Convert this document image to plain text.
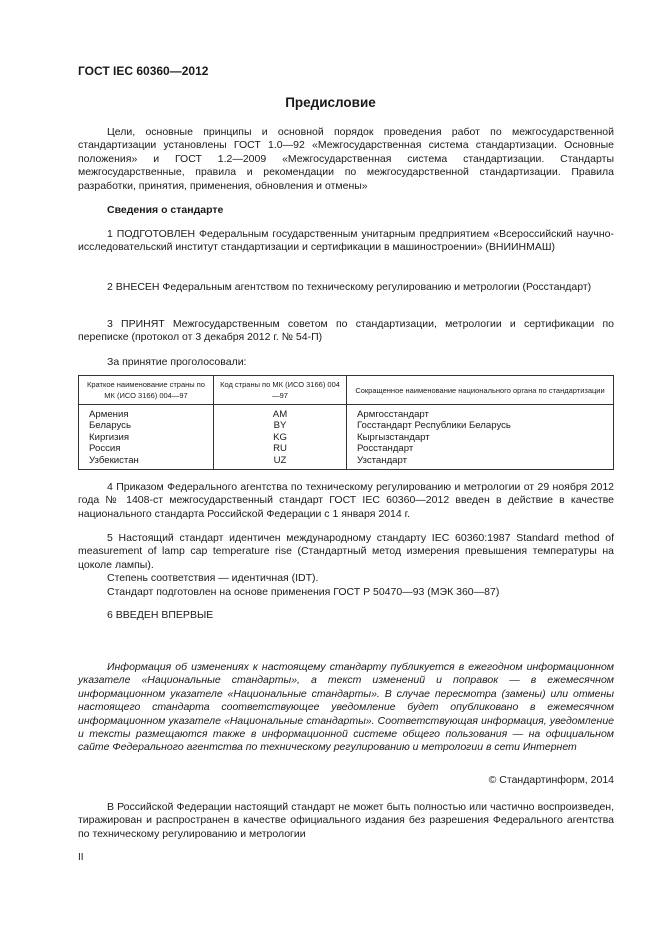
ГОСТ IEC 60360—2012
Предисловие

Цели, основные принципы и основной порядок проведения работ по межгосударственной стандартизации установлены ГОСТ 1.0—92 «Межгосударственная система стандартизации. Основные положения» и ГОСТ 1.2—2009 «Межгосударственная система стандартизации. Стандарты межгосударственные, правила и рекомендации по межгосударственной стандартизации. Правила разработки, принятия, применения, обновления и отмены»

Сведения о стандарте

1 ПОДГОТОВЛЕН Федеральным государственным унитарным предприятием «Всероссийский научно-исследовательский институт стандартизации и сертификации в машиностроении» (ВНИИНМАШ)

2 ВНЕСЕН Федеральным агентством по техническому регулированию и метрологии (Росстандарт)

3 ПРИНЯТ Межгосударственным советом по стандартизации, метрологии и сертификации по переписке (протокол от 3 декабря 2012 г. № 54-П)

За принятие проголосовали:

Краткое наименование страны по МК (ИСО 3166) 004—97	Код страны по МК (ИСО 3166) 004—97	Сокращенное наименование национального органа по стандартизации
Армения	AM	Армгосстандарт
Беларусь	BY	Госстандарт Республики Беларусь
Киргизия	KG	Кыргызстандарт
Россия	RU	Росстандарт
Узбекистан	UZ	Узстандарт

4 Приказом Федерального агентства по техническому регулированию и метрологии от 29 ноября 2012 года № 1408-ст межгосударственный стандарт ГОСТ IEC 60360—2012 введен в действие в качестве национального стандарта Российской Федерации с 1 января 2014 г.

5 Настоящий стандарт идентичен международному стандарту IEC 60360:1987 Standard method of measurement of lamp cap temperature rise (Стандартный метод измерения превышения температуры на цоколе лампы).

Степень соответствия — идентичная (IDT).

Стандарт подготовлен на основе применения ГОСТ Р 50470—93 (МЭК 360—87)

6 ВВЕДЕН ВПЕРВЫЕ

Информация об изменениях к настоящему стандарту публикуется в ежегодном информационном указателе «Национальные стандарты», а текст изменений и поправок — в ежемесячном информационном указателе «Национальные стандарты». В случае пересмотра (замены) или отмены настоящего стандарта соответствующее уведомление будет опубликовано в ежемесячном информационном указателе «Национальные стандарты». Соответствующая информация, уведомление и тексты размещаются также в информационной системе общего пользования — на официальном сайте Федерального агентства по техническому регулированию и метрологии в сети Интернет

© Стандартинформ, 2014

В Российской Федерации настоящий стандарт не может быть полностью или частично воспроизведен, тиражирован и распространен в качестве официального издания без разрешения Федерального агентства по техническому регулированию и метрологии

II
